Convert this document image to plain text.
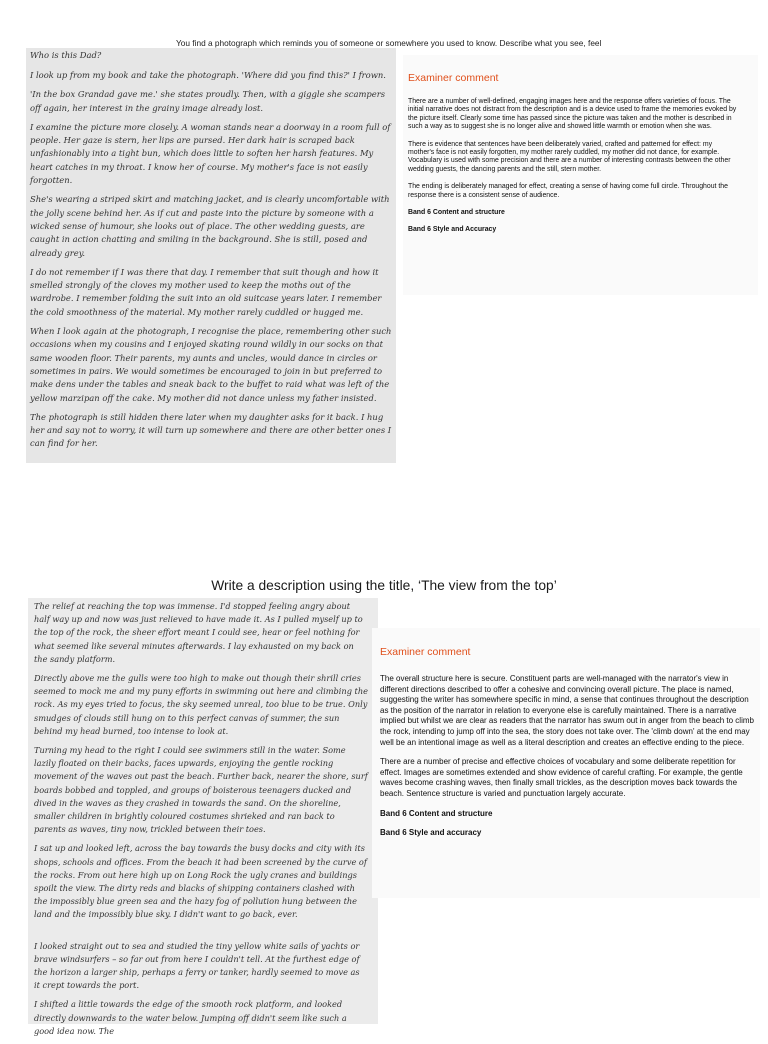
You find a photograph which reminds you of someone or somewhere you used to know. Describe what you see, feel
Who is this Dad?

I look up from my book and take the photograph. 'Where did you find this?' I frown.

'In the box Grandad gave me.' she states proudly. Then, with a giggle she scampers off again, her interest in the grainy image already lost.

I examine the picture more closely. A woman stands near a doorway in a room full of people. Her gaze is stern, her lips are pursed. Her dark hair is scraped back unfashionably into a tight bun, which does little to soften her harsh features. My heart catches in my throat. I know her of course. My mother's face is not easily forgotten.

She's wearing a striped skirt and matching jacket, and is clearly uncomfortable with the jolly scene behind her. As if cut and paste into the picture by someone with a wicked sense of humour, she looks out of place. The other wedding guests, are caught in action chatting and smiling in the background. She is still, posed and already grey.

I do not remember if I was there that day. I remember that suit though and how it smelled strongly of the cloves my mother used to keep the moths out of the wardrobe. I remember folding the suit into an old suitcase years later. I remember the cold smoothness of the material. My mother rarely cuddled or hugged me.

When I look again at the photograph, I recognise the place, remembering other such occasions when my cousins and I enjoyed skating round wildly in our socks on that same wooden floor. Their parents, my aunts and uncles, would dance in circles or sometimes in pairs. We would sometimes be encouraged to join in but preferred to make dens under the tables and sneak back to the buffet to raid what was left of the yellow marzipan off the cake. My mother did not dance unless my father insisted.

The photograph is still hidden there later when my daughter asks for it back. I hug her and say not to worry, it will turn up somewhere and there are other better ones I can find for her.

Examiner comment

There are a number of well-defined, engaging images here and the response offers varieties of focus. The initial narrative does not distract from the description and is a device used to frame the memories evoked by the picture itself. Clearly some time has passed since the picture was taken and the mother is described in such a way as to suggest she is no longer alive and showed little warmth or emotion when she was.

There is evidence that sentences have been deliberately varied, crafted and patterned for effect: my mother's face is not easily forgotten, my mother rarely cuddled, my mother did not dance, for example. Vocabulary is used with some precision and there are a number of interesting contrasts between the other wedding guests, the dancing parents and the still, stern mother.

The ending is deliberately managed for effect, creating a sense of having come full circle. Throughout the response there is a consistent sense of audience.

Band 6 Content and structure

Band 6 Style and Accuracy

Write a description using the title, ‘The view from the top’

The relief at reaching the top was immense. I'd stopped feeling angry about half way up and now was just relieved to have made it. As I pulled myself up to the top of the rock, the sheer effort meant I could see, hear or feel nothing for what seemed like several minutes afterwards. I lay exhausted on my back on the sandy platform.

Directly above me the gulls were too high to make out though their shrill cries seemed to mock me and my puny efforts in swimming out here and climbing the rock. As my eyes tried to focus, the sky seemed unreal, too blue to be true. Only smudges of clouds still hung on to this perfect canvas of summer, the sun behind my head burned, too intense to look at.

Turning my head to the right I could see swimmers still in the water. Some lazily floated on their backs, faces upwards, enjoying the gentle rocking movement of the waves out past the beach. Further back, nearer the shore, surf boards bobbed and toppled, and groups of boisterous teenagers ducked and dived in the waves as they crashed in towards the sand. On the shoreline, smaller children in brightly coloured costumes shrieked and ran back to parents as waves, tiny now, trickled between their toes.

I sat up and looked left, across the bay towards the busy docks and city with its shops, schools and offices. From the beach it had been screened by the curve of the rocks. From out here high up on Long Rock the ugly cranes and buildings spoilt the view. The dirty reds and blacks of shipping containers clashed with the impossibly blue green sea and the hazy fog of pollution hung between the land and the impossibly blue sky. I didn't want to go back, ever.

I looked straight out to sea and studied the tiny yellow white sails of yachts or brave windsurfers – so far out from here I couldn't tell. At the furthest edge of the horizon a larger ship, perhaps a ferry or tanker, hardly seemed to move as it crept towards the port.

I shifted a little towards the edge of the smooth rock platform, and looked directly downwards to the water below. Jumping off didn't seem like such a good idea now. The

Examiner comment

The overall structure here is secure. Constituent parts are well-managed with the narrator's view in different directions described to offer a cohesive and convincing overall picture. The place is named, suggesting the writer has somewhere specific in mind, a sense that continues throughout the description as the position of the narrator in relation to everyone else is carefully maintained. There is a narrative implied but whilst we are clear as readers that the narrator has swum out in anger from the beach to climb the rock, intending to jump off into the sea, the story does not take over. The 'climb down' at the end may well be an intentional image as well as a literal description and creates an effective ending to the piece.

There are a number of precise and effective choices of vocabulary and some deliberate repetition for effect. Images are sometimes extended and show evidence of careful crafting. For example, the gentle waves become crashing waves, then finally small trickles, as the description moves back towards the beach. Sentence structure is varied and punctuation largely accurate.

Band 6 Content and structure

Band 6 Style and accuracy
